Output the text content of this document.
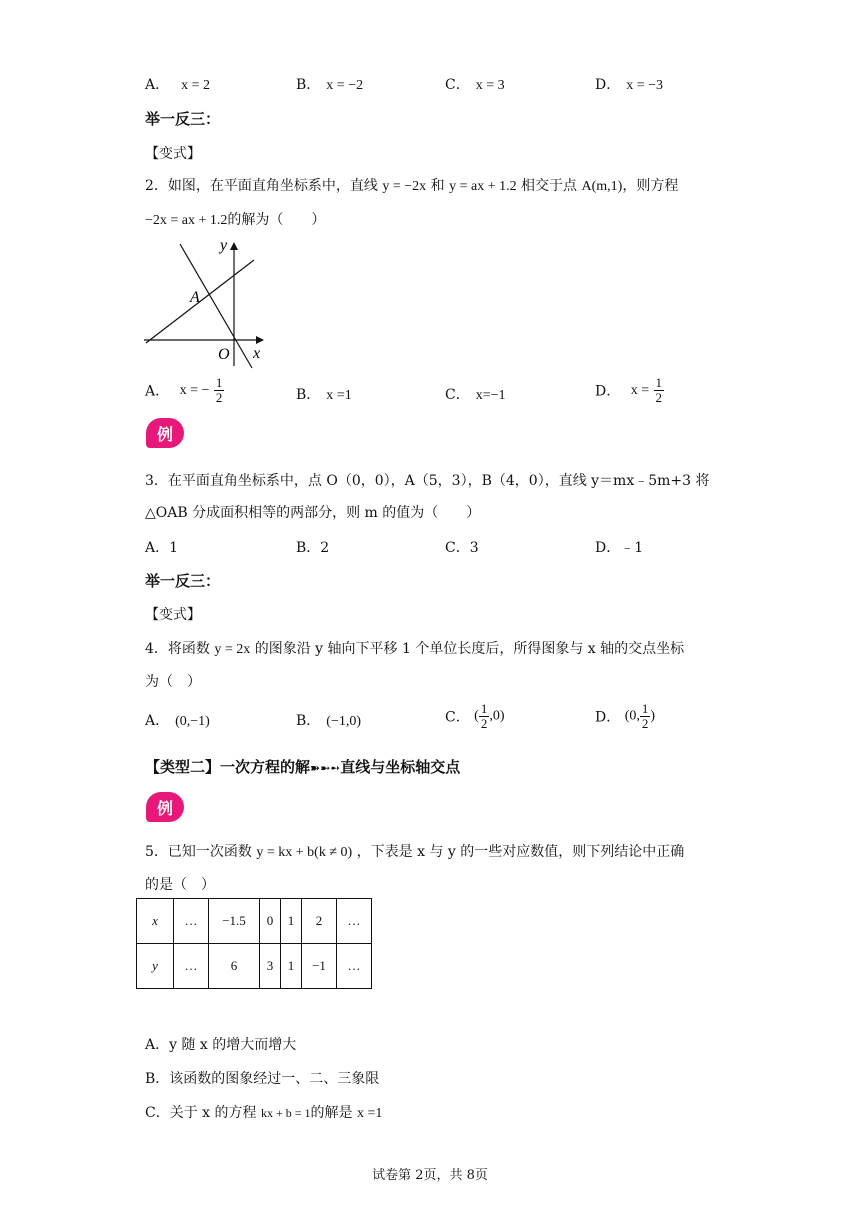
A． x = 2	B． x = −2	C． x = 3	D． x = −3
举一反三：
【变式】
2．如图，在平面直角坐标系中，直线 y = −2x 和 y = ax + 1.2 相交于点 A(m,1)，则方程
−2x = ax + 1.2的解为（　　）
y
x
O
A
A． x = − $\frac{1}{2}$	B． x =1	C． x=−1	D． $x = \frac{1}{2}$
例
3．在平面直角坐标系中，点 O（0，0），A（5，3），B（4，0），直线 y＝mx﹣5m+3 将
△OAB 分成面积相等的两部分，则 m 的值为（　　）
A．1	B．2	C．3	D．﹣1
举一反三：
【变式】
4．将函数 y = 2x 的图象沿 y 轴向下平移 1 个单位长度后，所得图象与 x 轴的交点坐标
为（　）
A． (0,−1)	B． (−1,0)	C． ( $\frac{1}{2} ,0$)	D． (0, $\frac{1}{2}$ )
【类型二】一次方程的解➽➼➻直线与坐标轴交点
例
5．已知一次函数 y = kx + b(k ≠ 0) ，下表是 x 与 y 的一些对应数值，则下列结论中正确
的是（　）
x	…	−1.5	0	1	2	…
y	…	6	3	1	−1	…
A．y 随 x 的增大而增大
B．该函数的图象经过一、二、三象限
C．关于 x 的方程 kx + b = 1的解是 x =1
试卷第 2页，共 8页
